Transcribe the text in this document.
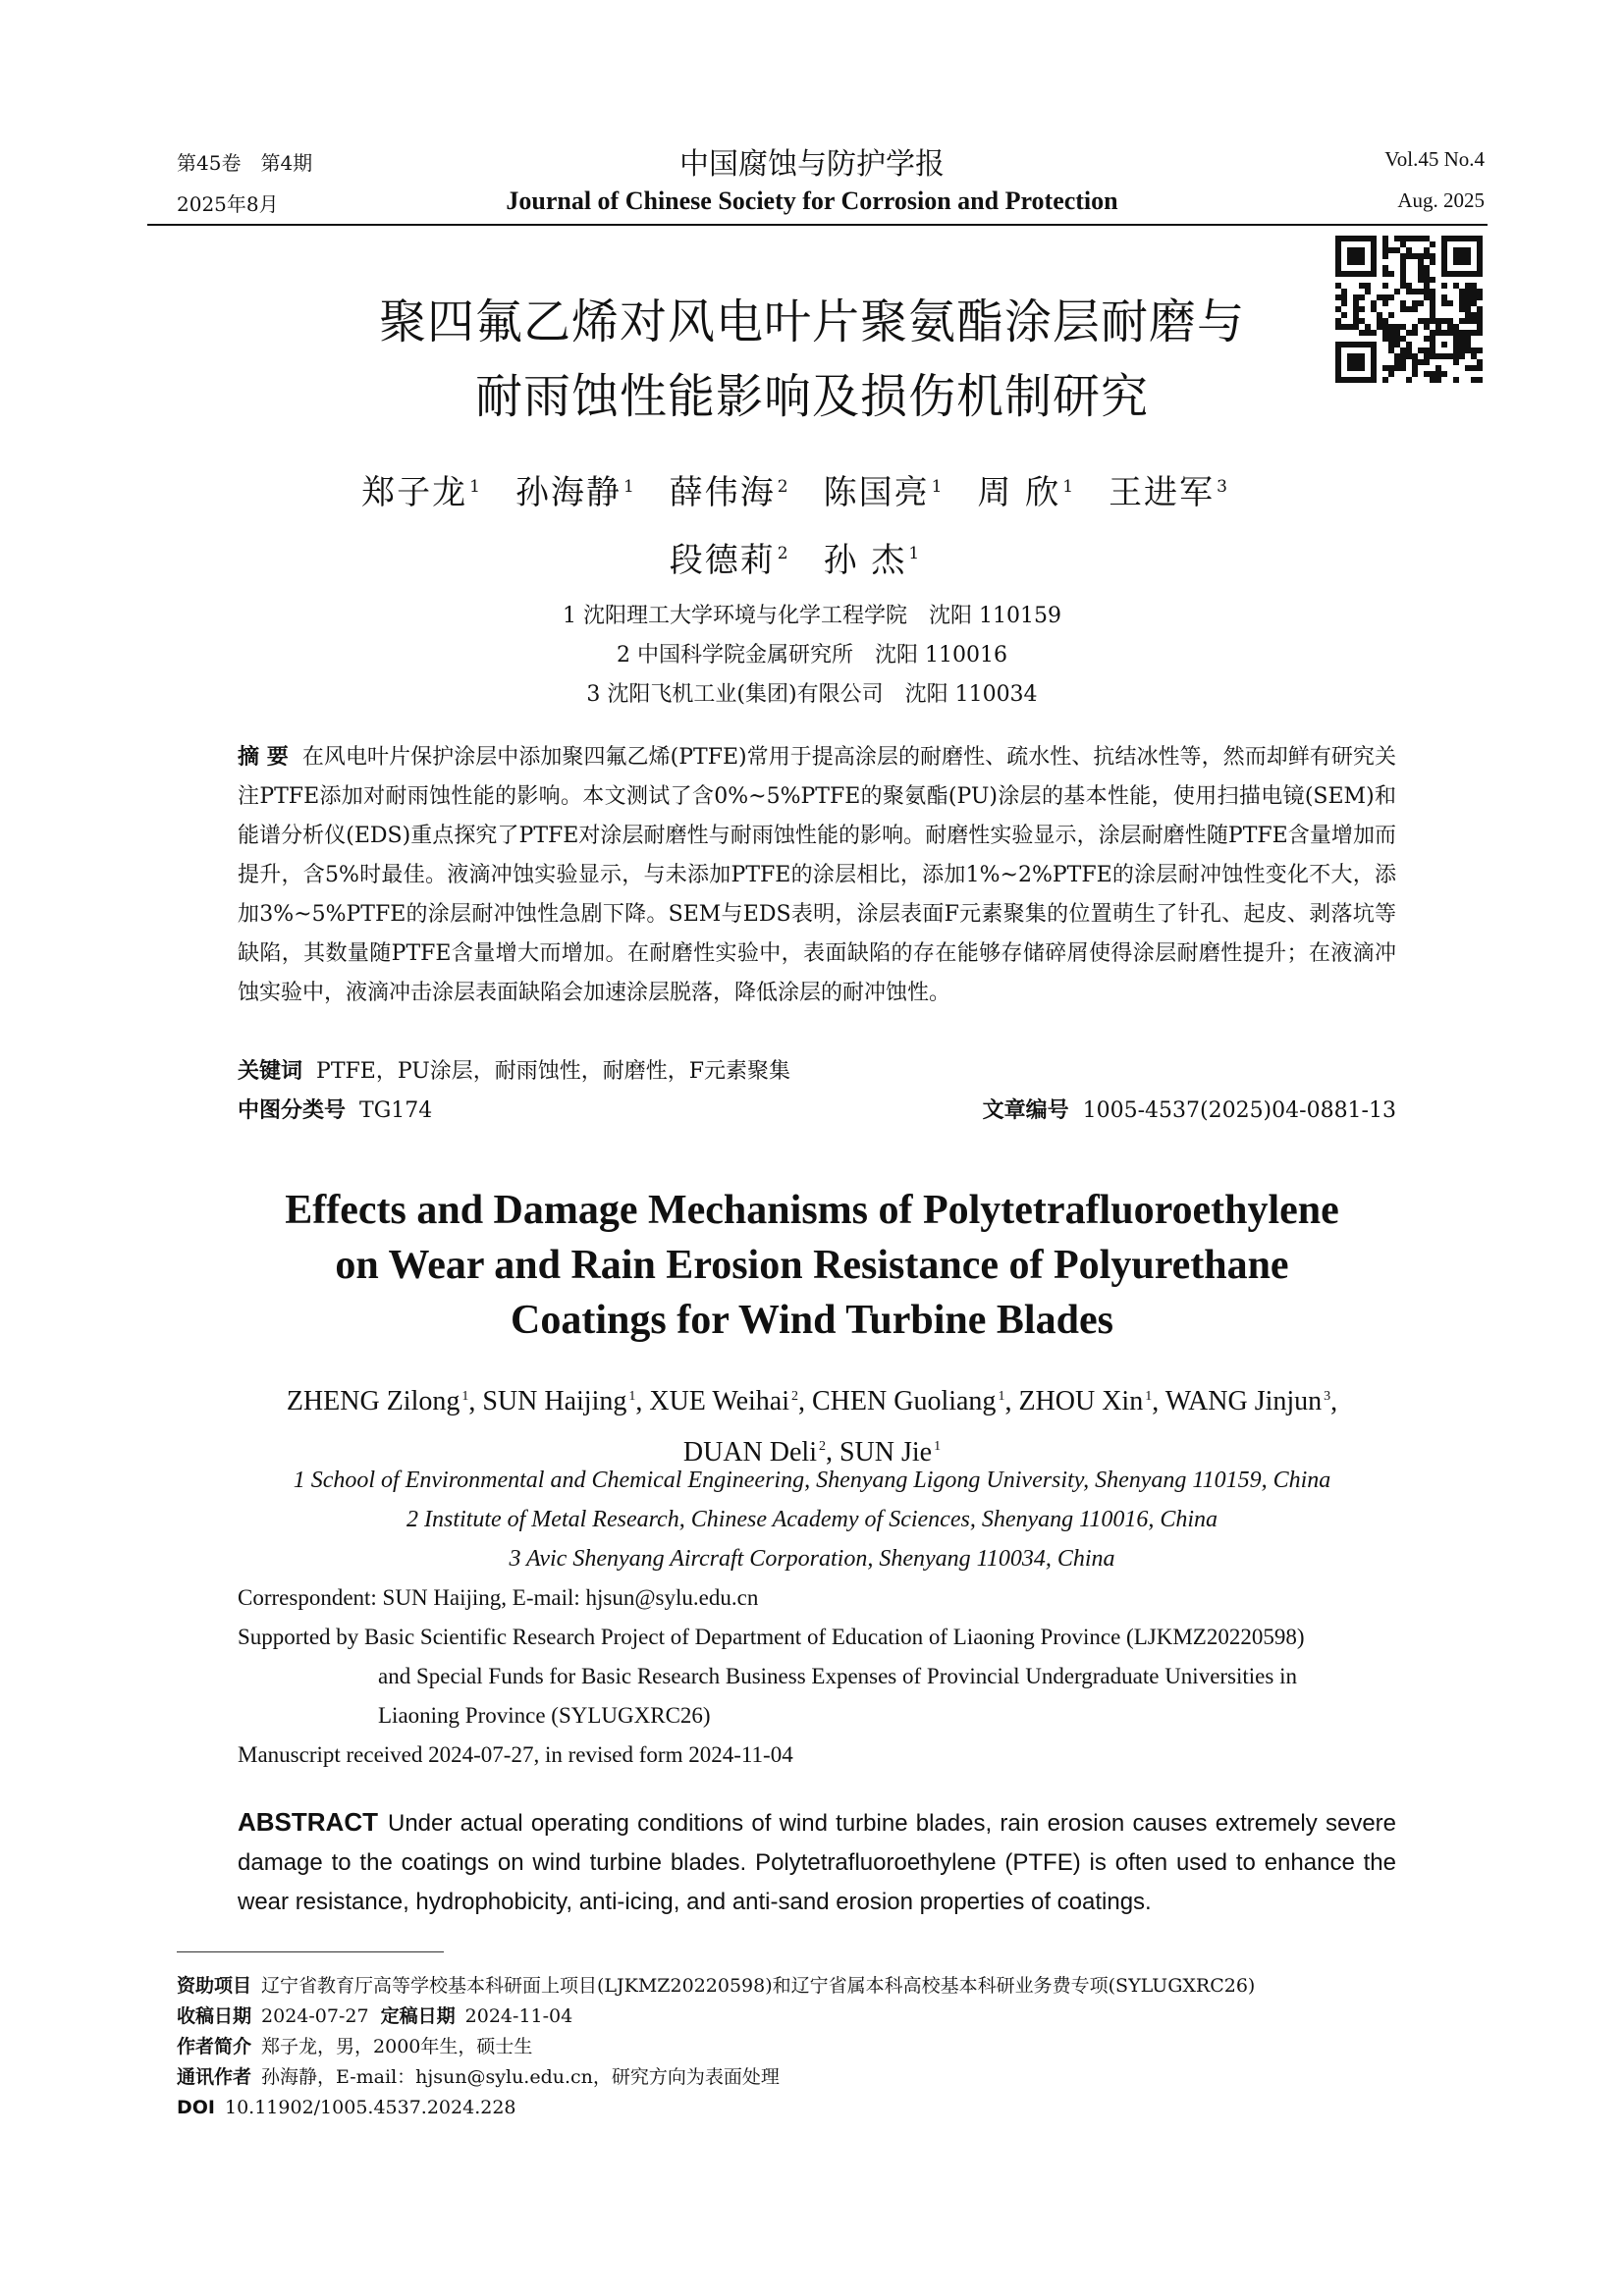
第45卷　第4期
2025年8月
中国腐蚀与防护学报
Journal of Chinese Society for Corrosion and Protection
Vol.45 No.4
Aug. 2025
聚四氟乙烯对风电叶片聚氨酯涂层耐磨与
耐雨蚀性能影响及损伤机制研究
郑子龙 $^1$ 孙海静 $^1$ 薛伟海 $^2$ 陈国亮 $^1$ 周 欣 $^1$ 王进军 $^3$
段德莉 $^2$ 孙 杰 $^1$
1 沈阳理工大学环境与化学工程学院　沈阳 110159
2 中国科学院金属研究所　沈阳 110016
3 沈阳飞机工业(集团)有限公司　沈阳 110034
摘 要 在风电叶片保护涂层中添加聚四氟乙烯(PTFE)常用于提高涂层的耐磨性、疏水性、抗结冰性等，然而却鲜有研究关注PTFE添加对耐雨蚀性能的影响。本文测试了含0%~5%PTFE的聚氨酯(PU)涂层的基本性能，使用扫描电镜(SEM)和能谱分析仪(EDS)重点探究了PTFE对涂层耐磨性与耐雨蚀性能的影响。耐磨性实验显示，涂层耐磨性随PTFE含量增加而提升，含5%时最佳。液滴冲蚀实验显示，与未添加PTFE的涂层相比，添加1%~2%PTFE的涂层耐冲蚀性变化不大，添加3%~5%PTFE的涂层耐冲蚀性急剧下降。SEM与EDS表明，涂层表面F元素聚集的位置萌生了针孔、起皮、剥落坑等缺陷，其数量随PTFE含量增大而增加。在耐磨性实验中，表面缺陷的存在能够存储碎屑使得涂层耐磨性提升；在液滴冲蚀实验中，液滴冲击涂层表面缺陷会加速涂层脱落，降低涂层的耐冲蚀性。
关键词 PTFE，PU涂层，耐雨蚀性，耐磨性，F元素聚集
中图分类号 TG174	文章编号 1005-4537(2025)04-0881-13
Effects and Damage Mechanisms of Polytetrafluoroethylene
on Wear and Rain Erosion Resistance of Polyurethane
Coatings for Wind Turbine Blades
ZHENG Zilong $^1$, SUN Haijing $^1$, XUE Weihai $^2$, CHEN Guoliang $^1$, ZHOU Xin $^1$, WANG Jinjun $^3$,
DUAN Deli $^2$, SUN Jie $^1$
1 School of Environmental and Chemical Engineering, Shenyang Ligong University, Shenyang 110159, China
2 Institute of Metal Research, Chinese Academy of Sciences, Shenyang 110016, China
3 Avic Shenyang Aircraft Corporation, Shenyang 110034, China
Correspondent: SUN Haijing, E-mail: hjsun@sylu.edu.cn
Supported by Basic Scientific Research Project of Department of Education of Liaoning Province (LJKMZ20220598)
and Special Funds for Basic Research Business Expenses of Provincial Undergraduate Universities in
Liaoning Province (SYLUGXRC26)
Manuscript received 2024-07-27, in revised form 2024-11-04
ABSTRACT Under actual operating conditions of wind turbine blades, rain erosion causes extremely severe damage to the coatings on wind turbine blades. Polytetrafluoroethylene (PTFE) is often used to enhance the wear resistance, hydrophobicity, anti-icing, and anti-sand erosion properties of coatings.
资助项目 辽宁省教育厅高等学校基本科研面上项目(LJKMZ20220598)和辽宁省属本科高校基本科研业务费专项(SYLUGXRC26)
收稿日期 2024-07-27 定稿日期 2024-11-04
作者简介 郑子龙，男，2000年生，硕士生
通讯作者 孙海静，E-mail：hjsun@sylu.edu.cn，研究方向为表面处理
DOI 10.11902/1005.4537.2024.228
